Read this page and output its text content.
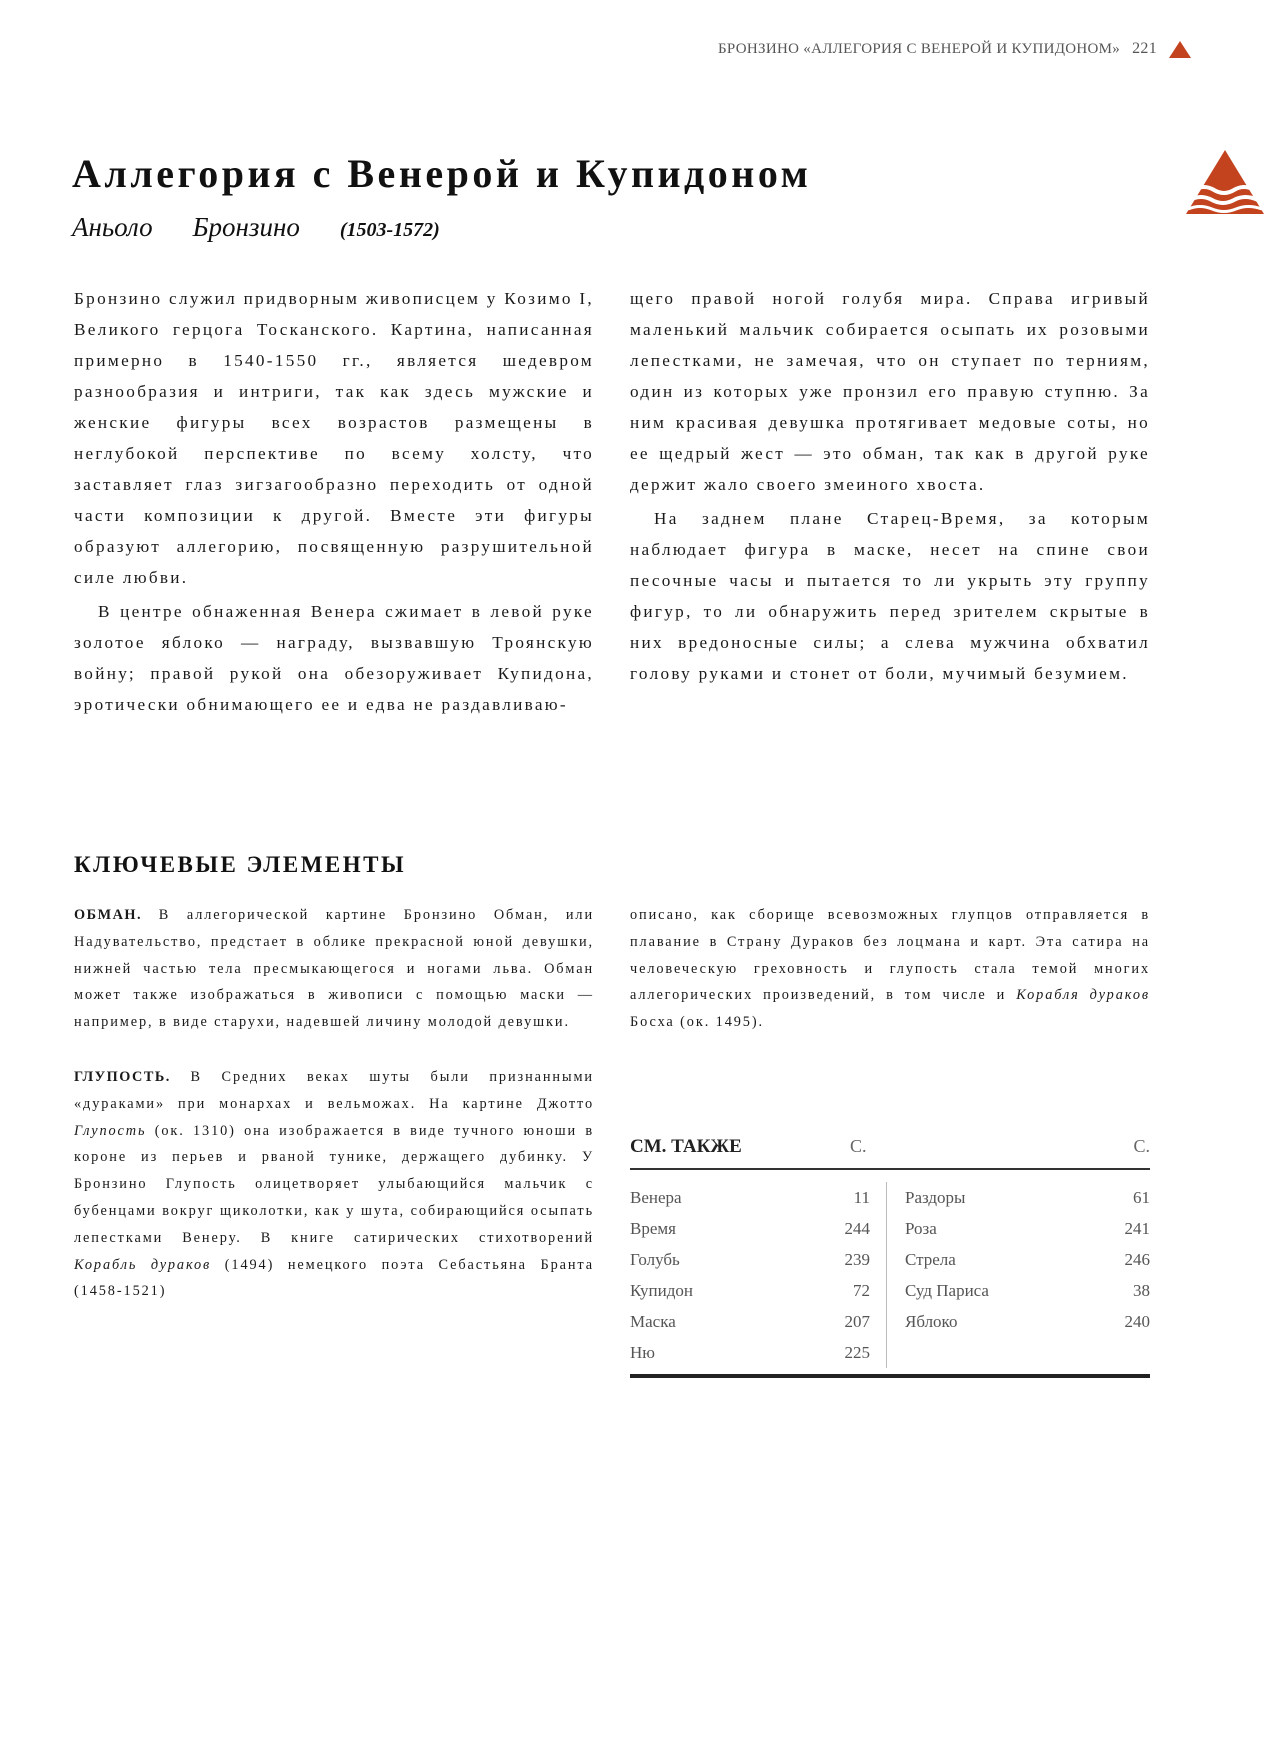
БРОНЗИНО «АЛЛЕГОРИЯ С ВЕНЕРОЙ И КУПИДОНОМ» 221
Аллегория с Венерой и Купидоном
Аньоло Бронзино (1503-1572)

Бронзино служил придворным живописцем у Козимо I, Великого герцога Тосканского. Картина, написанная примерно в 1540-1550 гг., является шедевром разнообразия и интриги, так как здесь мужские и женские фигуры всех возрастов размещены в неглубокой перспективе по всему холсту, что заставляет глаз зигзагообразно переходить от одной части композиции к другой. Вместе эти фигуры образуют аллегорию, посвященную разрушительной силе любви.

В центре обнаженная Венера сжимает в левой руке золотое яблоко — награду, вызвавшую Троянскую войну; правой рукой она обезоруживает Купидона, эротически обнимающего ее и едва не раздавливаю-

щего правой ногой голубя мира. Справа игривый маленький мальчик собирается осыпать их розовыми лепестками, не замечая, что он ступает по терниям, один из которых уже пронзил его правую ступню. За ним красивая девушка протягивает медовые соты, но ее щедрый жест — это обман, так как в другой руке держит жало своего змеиного хвоста.

На заднем плане Старец-Время, за которым наблюдает фигура в маске, несет на спине свои песочные часы и пытается то ли укрыть эту группу фигур, то ли обнаружить перед зрителем скрытые в них вредоносные силы; а слева мужчина обхватил голову руками и стонет от боли, мучимый безумием.

КЛЮЧЕВЫЕ ЭЛЕМЕНТЫ

ОБМАН. В аллегорической картине Бронзино Обман, или Надувательство, предстает в облике прекрасной юной девушки, нижней частью тела пресмыкающегося и ногами льва. Обман может также изображаться в живописи с помощью маски — например, в виде старухи, надевшей личину молодой девушки.

ГЛУПОСТЬ. В Средних веках шуты были признанными «дураками» при монархах и вельможах. На картине Джотто Глупость (ок. 1310) она изображается в виде тучного юноши в короне из перьев и рваной тунике, держащего дубинку. У Бронзино Глупость олицетворяет улыбающийся мальчик с бубенцами вокруг щиколотки, как у шута, собирающийся осыпать лепестками Венеру. В книге сатирических стихотворений Корабль дураков (1494) немецкого поэта Себастьяна Бранта (1458-1521)

описано, как сборище всевозможных глупцов отправляется в плавание в Страну Дураков без лоцмана и карт. Эта сатира на человеческую греховность и глупость стала темой многих аллегорических произведений, в том числе и Корабля дураков Босха (ок. 1495).

СМ. ТАКЖЕ	С.	С.
Венера	11
Время	244
Голубь	239
Купидон	72
Маска	207
Ню	225
Раздоры	61
Роза	241
Стрела	246
Суд Париса	38
Яблоко	240
